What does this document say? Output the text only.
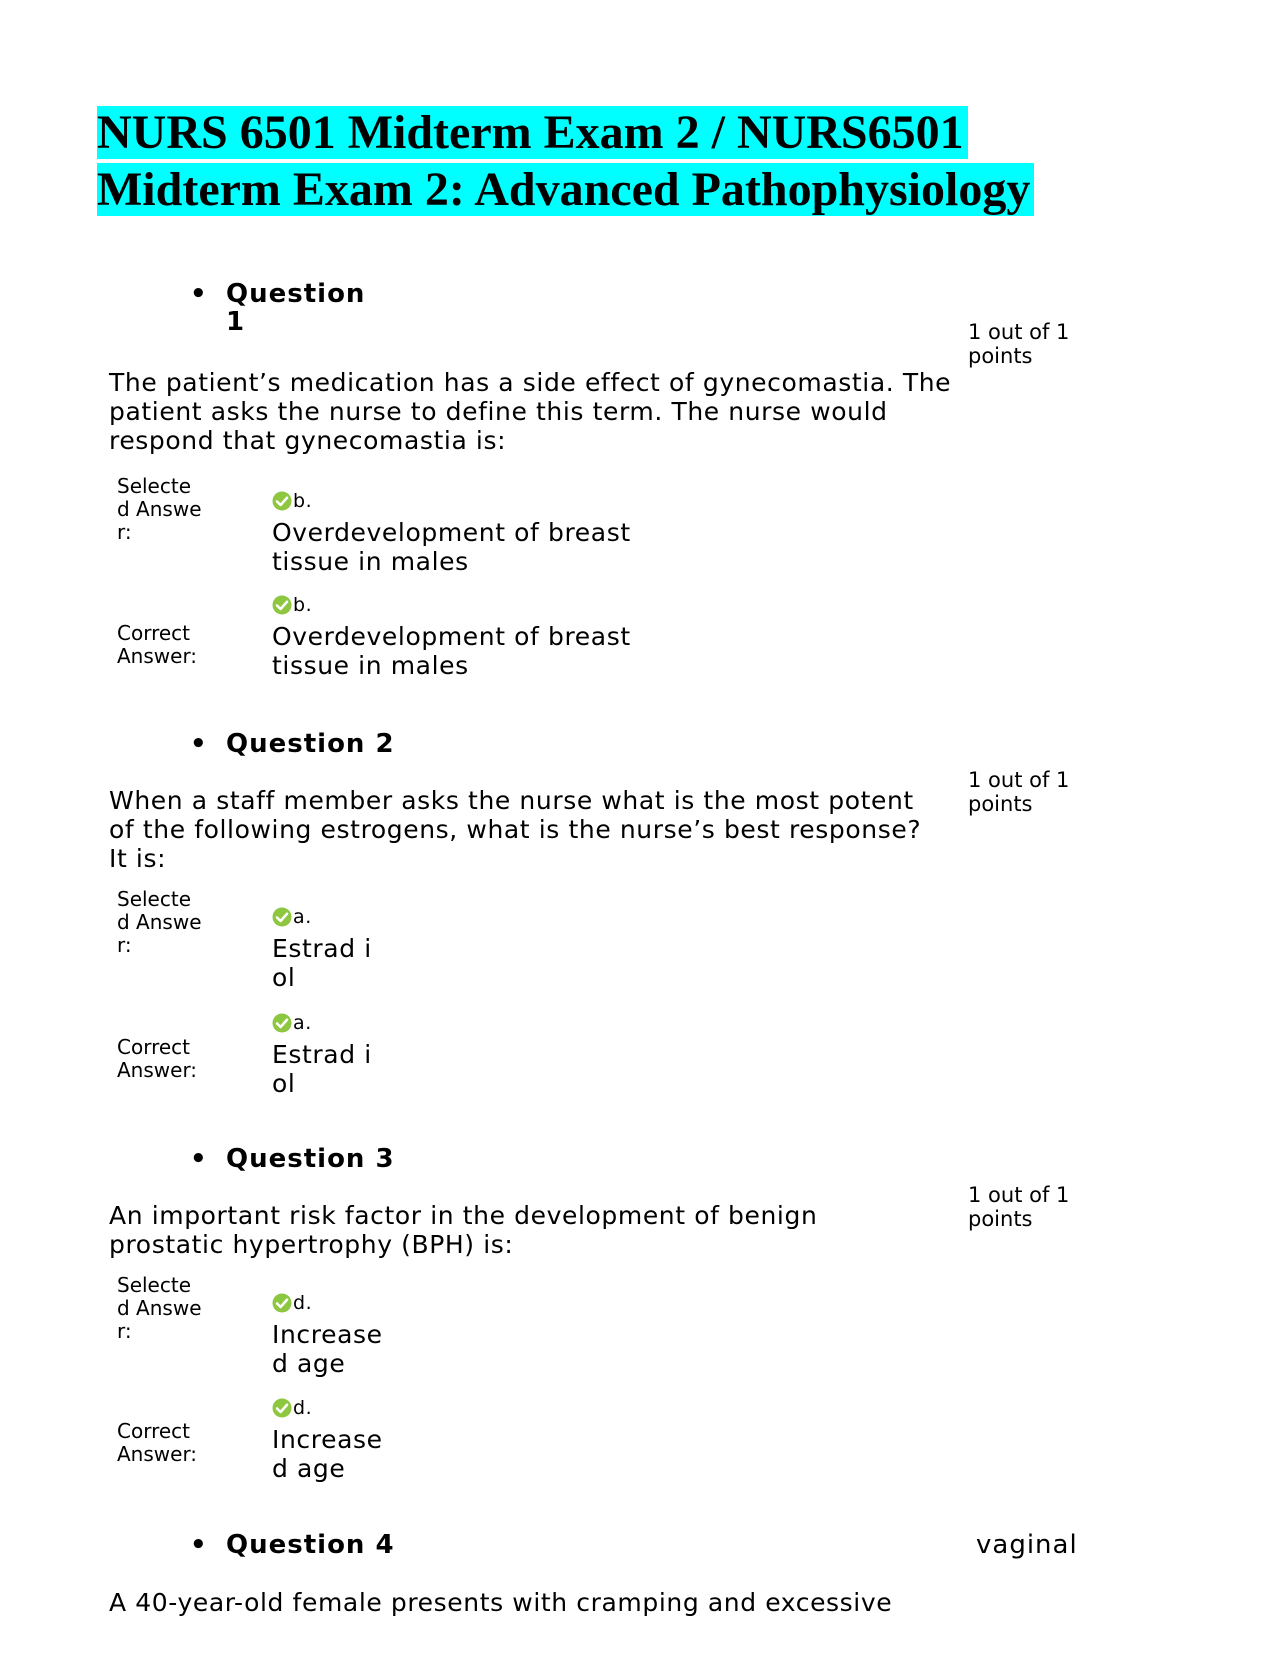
NURS 6501 Midterm Exam 2 / NURS6501
Midterm Exam 2: Advanced Pathophysiology
• Question 1	1 out of 1 points
The patient’s medication has a side effect of gynecomastia. The patient asks the nurse to define this term. The nurse would respond that gynecomastia is:
Selected Answer:
b.
Overdevelopment of breast tissue in males
Correct Answer:
b.
Overdevelopment of breast tissue in males
• Question 2
1 out of 1 points
When a staff member asks the nurse what is the most potent of the following estrogens, what is the nurse’s best response? It is:
Selected Answer:
a.
Estrad i ol
Correct Answer:
a.
Estrad i ol
• Question 3
1 out of 1 points
An important risk factor in the development of benign prostatic hypertrophy (BPH) is:
Selected Answer:
d.
Increase d age
Correct Answer:
d.
Increase d age
• Question 4	vaginal
A 40-year-old female presents with cramping and excessive
